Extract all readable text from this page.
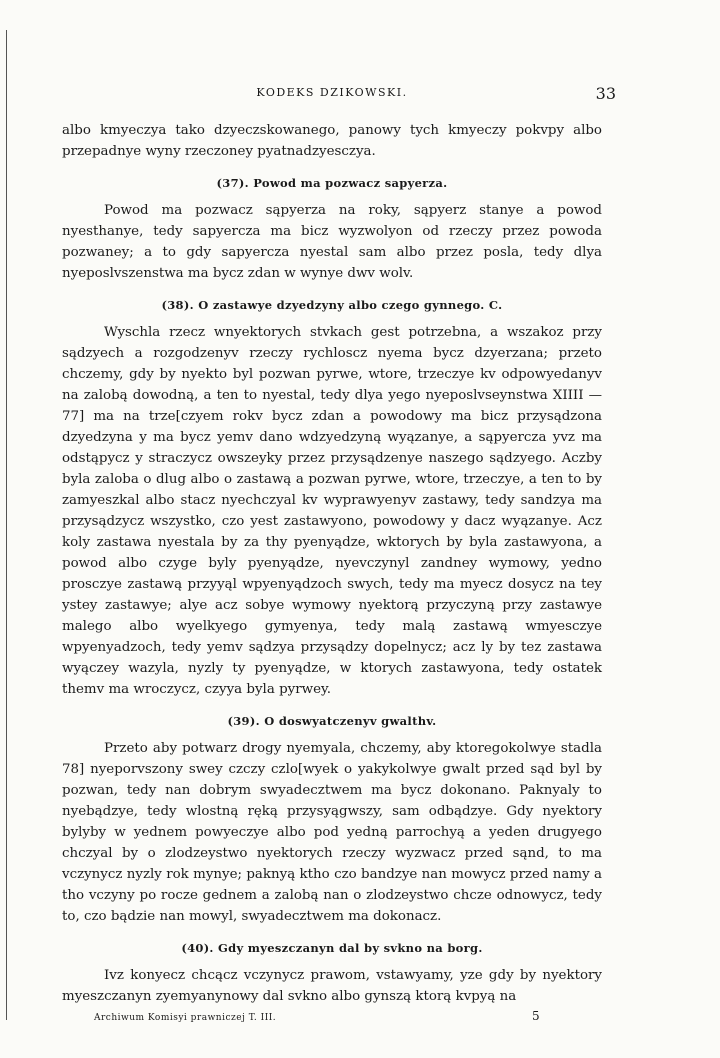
KODEKS DZIKOWSKI.	33

albo kmyeczya tako dzyeczskowanego, panowy tych kmyeczy pokvpy albo przepadnye wyny rzeczoney pyatnadzyesczya.

(37). Powod ma pozwacz sapyerza.

Powod ma pozwacz sąpyerza na roky, sąpyerz stanye a powod nyesthanye, tedy sapyercza ma bicz wyzwolyon od rzeczy przez powoda pozwaney; a to gdy sapyercza nyestal sam albo przez posla, tedy dlya nyeposlvszenstwa ma bycz zdan w wynye dwv wolv.

(38). O zastawye dzyedzyny albo czego gynnego. C.

Wyschla rzecz wnyektorych stvkach gest potrzebna, a wszakoz przy sądzyech a rozgodzenyv rzeczy rychloscz nyema bycz dzyerzana; przeto chczemy, gdy by nyekto byl pozwan pyrwe, wtore, trzeczye kv odpowyedanyv na zalobą dowodną, a ten to nyestal, tedy dlya yego nyeposlvseynstwa XIIII — 77] ma na trze[czyem rokv bycz zdan a powodowy ma bicz przysądzona dzyedzyna y ma bycz yemv dano wdzyedzyną wyązanye, a sąpyercza yvz ma odstąpycz y straczycz owszeyky przez przysądzenye naszego sądzyego. Aczby byla zaloba o dlug albo o zastawą a pozwan pyrwe, wtore, trzeczye, a ten to by zamyeszkal albo stacz nyechczyal kv wyprawyenyv zastawy, tedy sandzya ma przysądzycz wszystko, czo yest zastawyono, powodowy y dacz wyązanye. Acz koly zastawa nyestala by za thy pyenyądze, wktorych by byla zastawyona, a powod albo czyge byly pyenyądze, nyevczynyl zandney wymowy, yedno prosczye zastawą przyyąl wpyenyądzoch swych, tedy ma myecz dosycz na tey ystey zastawye; alye acz sobye wymowy nyektorą przyczyną przy zastawye malego albo wyelkyego gymyenya, tedy malą zastawą wmyesczye wpyenyadzoch, tedy yemv sądzya przysądzy dopelnycz; acz ly by tez zastawa wyączey wazyla, nyzly ty pyenyądze, w ktorych zastawyona, tedy ostatek themv ma wroczycz, czyya byla pyrwey.

(39). O doswyatczenyv gwalthv.

Przeto aby potwarz drogy nyemyala, chczemy, aby ktoregokolwye stadla 78] nyeporvszony swey czczy czlo[wyek o yakykolwye gwalt przed sąd byl by pozwan, tedy nan dobrym swyadecztwem ma bycz dokonano. Paknyaly to nyebądzye, tedy wlostną ręką przysyągwszy, sam odbądzye. Gdy nyektory bylyby w yednem powyeczye albo pod yedną parrochyą a yeden drugyego chczyal by o zlodzeystwo nyektorych rzeczy wyzwacz przed sąnd, to ma vczynycz nyzly rok mynye; paknyą ktho czo bandzye nan mowycz przed namy a tho vczyny po rocze gednem a zalobą nan o zlodzeystwo chcze odnowycz, tedy to, czo bądzie nan mowyl, swyadecztwem ma dokonacz.

(40). Gdy myeszczanyn dal by svkno na borg.

Ivz konyecz chcącz vczynycz prawom, vstawyamy, yze gdy by nyektory myeszczanyn zyemyanynowy dal svkno albo gynszą ktorą kvpyą na

Archiwum Komisyi prawniczej T. III.	5
